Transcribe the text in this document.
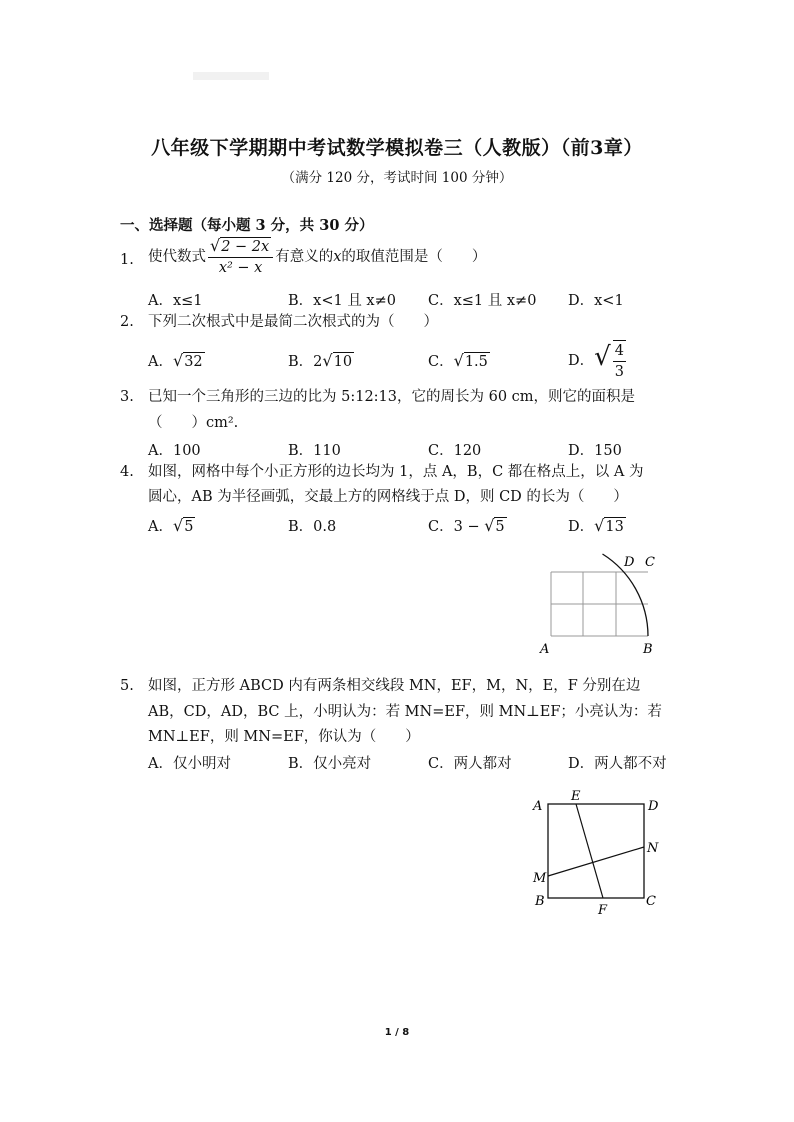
八年级下学期期中考试数学模拟卷三（人教版）（前3章）
（满分 120 分，考试时间 100 分钟）
一、选择题（每小题 3 分，共 30 分）
1. 使代数式 $\frac{√2 - 2x}{\text{x² − x}}$ 有意义的x的取值范围是（　　）
A．x≤1	B．x<1 且 x≠0 C．x≤1 且 x≠0 D．x<1
2. 下列二次根式中是最简二次根式的为（　　）
A．√32	B．2√10	C．√1.5	D．√ $\frac{4}{3}$
3. 已知一个三角形的三边的比为 5:12:13，它的周长为 60 cm，则它的面积是
（　　）cm².
A．100	B．110	C．120	D．150
4. 如图，网格中每个小正方形的边长均为 1，点 A，B，C 都在格点上，以 A 为
圆心，AB 为半径画弧，交最上方的网格线于点 D，则 CD 的长为（　　）
A．√5	B．0.8	C．3 − √5	D．√13
A	B
D C
5. 如图，正方形 ABCD 内有两条相交线段 MN，EF，M，N，E，F 分别在边
AB，CD，AD，BC 上，小明认为：若 MN=EF，则 MN⊥EF；小亮认为：若
MN⊥EF，则 MN=EF，你认为（　　）
A．仅小明对	B．仅小亮对	C．两人都对	D．两人都不对
A
E
D
N
M
B
F
C
1 / 8
